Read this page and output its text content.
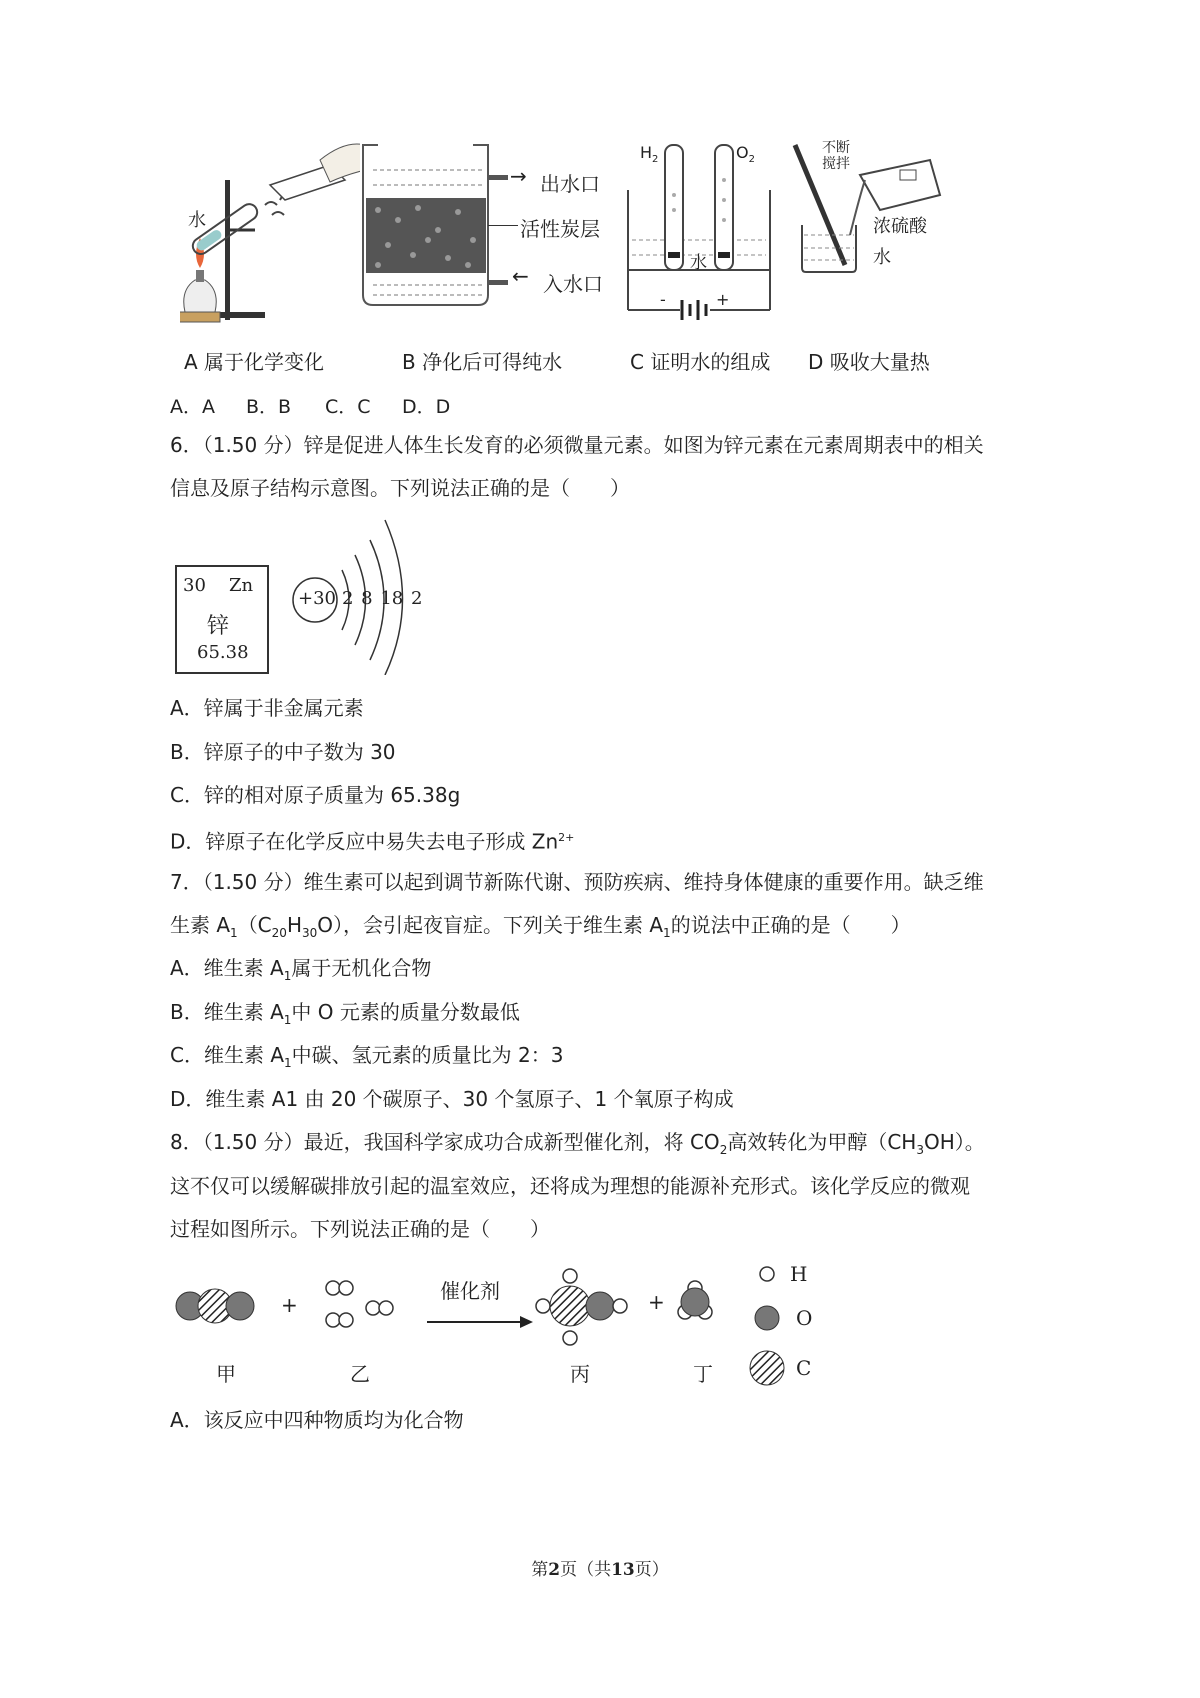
水
出水口
→
活性炭层
入水口
←
$H_2$	$O_2$
水
-	+
不断搅拌
浓硫酸
水
A 属于化学变化	B 净化后可得纯水	C 证明水的组成 D 吸收大量热
A．A B．B C．C D．D
6．（1.50 分）锌是促进人体生长发育的必须微量元素。如图为锌元素在元素周期表中的相关
信息及原子结构示意图。下列说法正确的是（　　）
30 Zn
锌
65.38
+30 2 8 18 2
A．锌属于非金属元素
B．锌原子的中子数为 30
C．锌的相对原子质量为 65.38g
D．锌原子在化学反应中易失去电子形成 $Zn^{2+}$
7．（1.50 分）维生素可以起到调节新陈代谢、预防疾病、维持身体健康的重要作用。缺乏维
生素 $A_1(C_{20}H_{30}O)$，会引起夜盲症。下列关于维生素 $A_1$的说法中正确的是（　　）
A．维生素 $A_1$属于无机化合物
B．维生素 $A_1$中 O 元素的质量分数最低
C．维生素 $A_1$中碳、氢元素的质量比为 2：3
D．维生素 A1 由 20 个碳原子、30 个氢原子、1 个氧原子构成
8．（1.50 分）最近，我国科学家成功合成新型催化剂，将 $CO_2$高效转化为甲醇$(CH_3OH)$。
这不仅可以缓解碳排放引起的温室效应，还将成为理想的能源补充形式。该化学反应的微观
过程如图所示。下列说法正确的是（　　）
+
催化剂	+
H
O
C
甲	乙	丙	丁
A．该反应中四种物质均为化合物
第2页（共13页）
